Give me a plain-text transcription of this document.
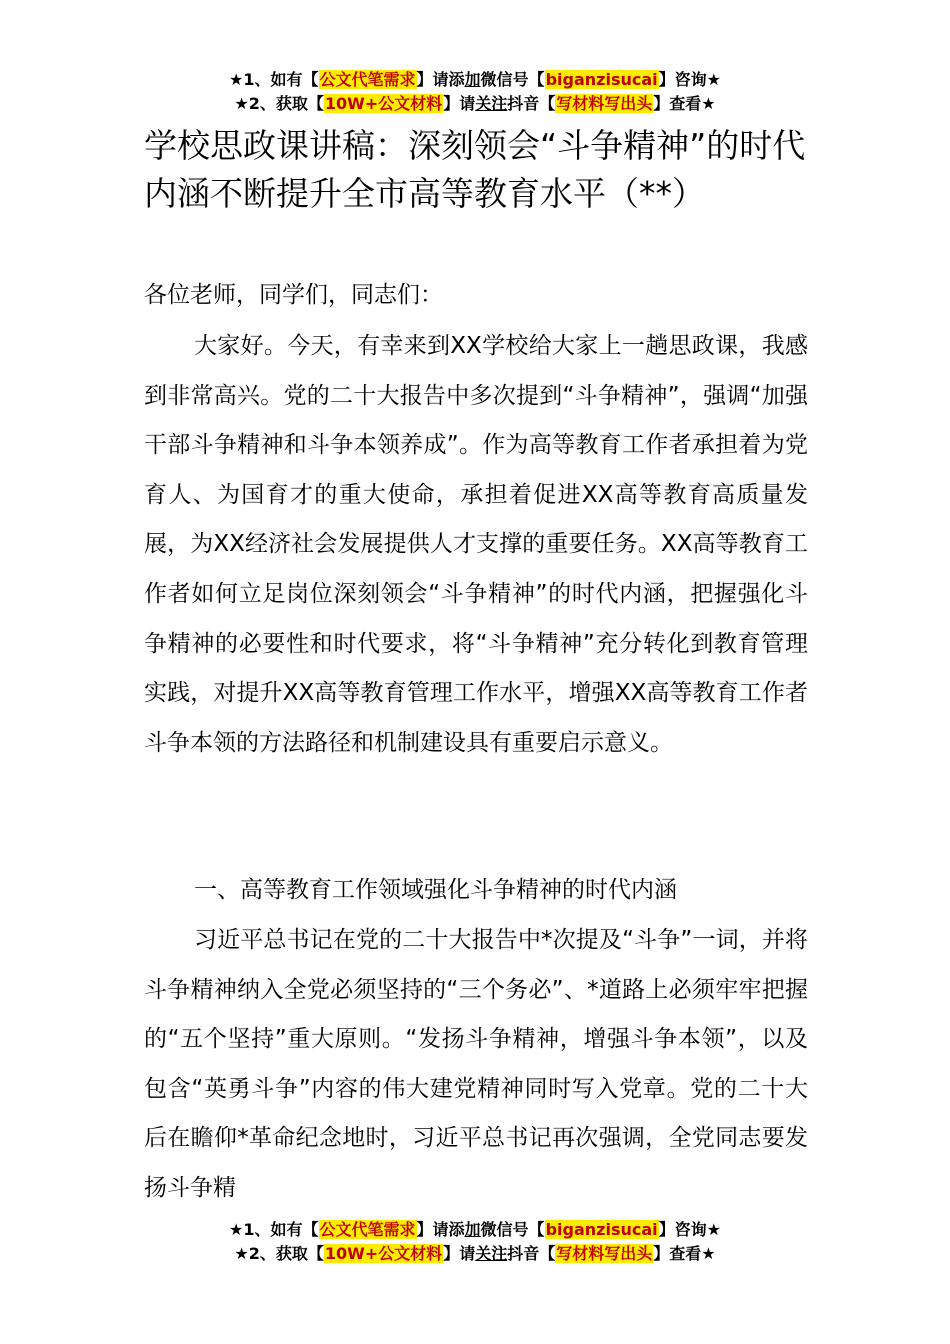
★1、如有【公文代笔需求】请添加微信号【biganzisucai】咨询★
★2、获取【10W+公文材料】请关注抖音【写材料写出头】查看★
学校思政课讲稿：深刻领会“斗争精神”的时代内涵不断提升全市高等教育水平（**）

各位老师，同学们，同志们：

大家好。今天，有幸来到XX学校给大家上一趟思政课，我感到非常高兴。党的二十大报告中多次提到“斗争精神”，强调“加强干部斗争精神和斗争本领养成”。作为高等教育工作者承担着为党育人、为国育才的重大使命，承担着促进XX高等教育高质量发展，为XX经济社会发展提供人才支撑的重要任务。XX高等教育工作者如何立足岗位深刻领会“斗争精神”的时代内涵，把握强化斗争精神的必要性和时代要求，将“斗争精神”充分转化到教育管理实践，对提升XX高等教育管理工作水平，增强XX高等教育工作者斗争本领的方法路径和机制建设具有重要启示意义。

一、高等教育工作领域强化斗争精神的时代内涵

习近平总书记在党的二十大报告中*次提及“斗争”一词，并将斗争精神纳入全党必须坚持的“三个务必”、*道路上必须牢牢把握的“五个坚持”重大原则。“发扬斗争精神，增强斗争本领”，以及包含“英勇斗争”内容的伟大建党精神同时写入党章。党的二十大后在瞻仰*革命纪念地时，习近平总书记再次强调，全党同志要发扬斗争精

★1、如有【公文代笔需求】请添加微信号【biganzisucai】咨询★
★2、获取【10W+公文材料】请关注抖音【写材料写出头】查看★
